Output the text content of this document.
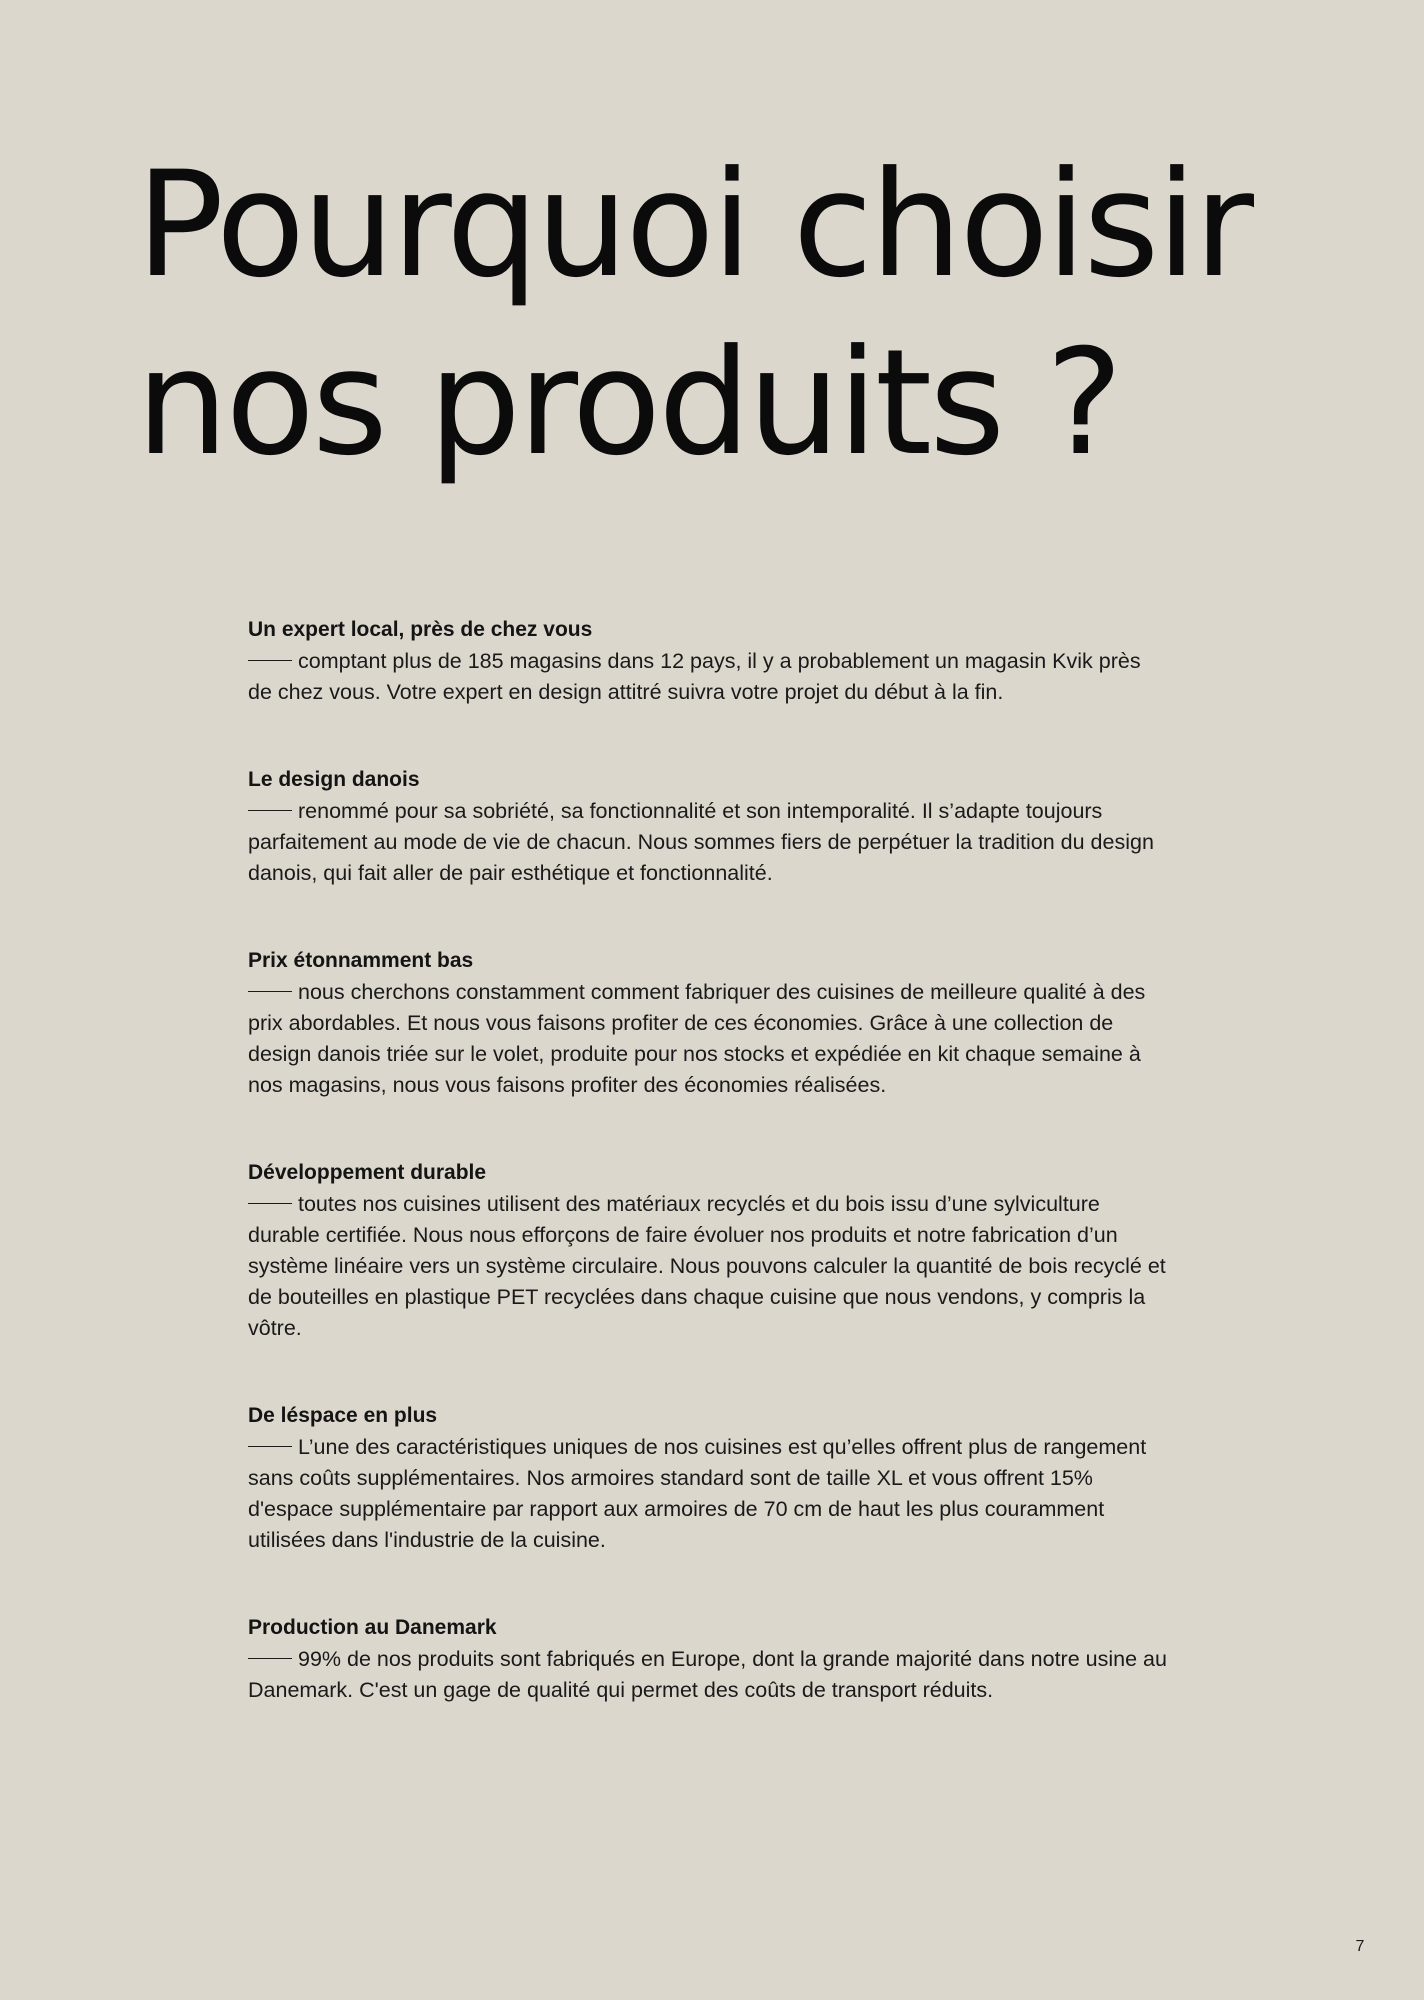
Pourquoi choisir
nos produits ?
Un expert local, près de chez vous

comptant plus de 185 magasins dans 12 pays, il y a probablement un magasin Kvik près de chez vous. Votre expert en design attitré suivra votre projet du début à la fin.

Le design danois

renommé pour sa sobriété, sa fonctionnalité et son intemporalité. Il s’adapte toujours parfaitement au mode de vie de chacun. Nous sommes fiers de perpétuer la tradition du design danois, qui fait aller de pair esthétique et fonctionnalité.

Prix étonnamment bas

nous cherchons constamment comment fabriquer des cuisines de meilleure qualité à des prix abordables. Et nous vous faisons profiter de ces économies. Grâce à une collection de design danois triée sur le volet, produite pour nos stocks et expédiée en kit chaque semaine à nos magasins, nous vous faisons profiter des économies réalisées.

Développement durable

toutes nos cuisines utilisent des matériaux recyclés et du bois issu d’une sylviculture durable certifiée. Nous nous efforçons de faire évoluer nos produits et notre fabrication d’un système linéaire vers un système circulaire. Nous pouvons calculer la quantité de bois recyclé et de bouteilles en plastique PET recyclées dans chaque cuisine que nous vendons, y compris la vôtre.

De léspace en plus

L’une des caractéristiques uniques de nos cuisines est qu’elles offrent plus de rangement sans coûts supplémentaires. Nos armoires standard sont de taille XL et vous offrent 15% d'espace supplémentaire par rapport aux armoires de 70 cm de haut les plus couramment utilisées dans l'industrie de la cuisine.

Production au Danemark

99% de nos produits sont fabriqués en Europe, dont la grande majorité dans notre usine au Danemark. C'est un gage de qualité qui permet des coûts de transport réduits.

7
